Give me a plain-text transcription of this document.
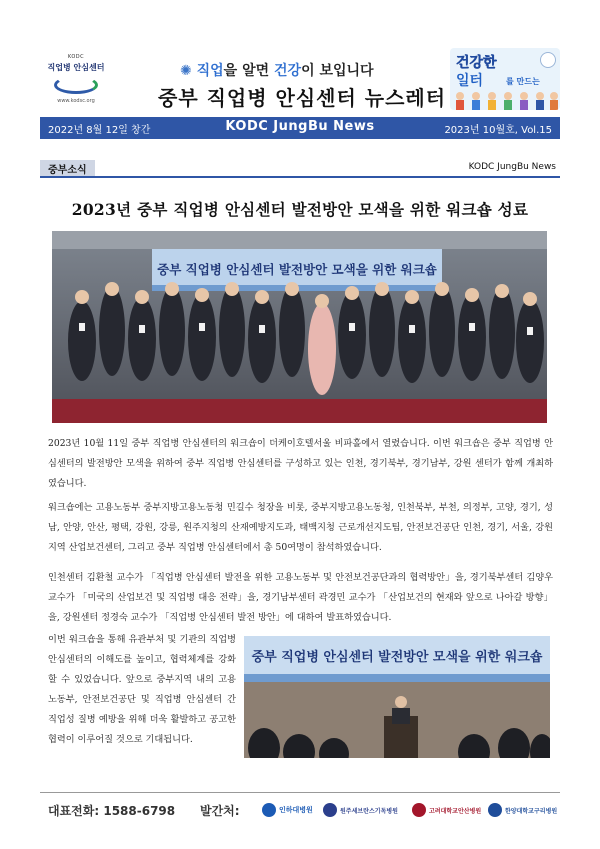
KODC
직업병 안심센터
www.kodsc.org
✺ 직업을 알면 건강이 보입니다
중부 직업병 안심센터 뉴스레터
건강한
일터	를 만드는
2022년 8월 12일 창간	KODC JungBu News	2023년 10월호, Vol.15
중부소식	KODC JungBu News
2023년 중부 직업병 안심센터 발전방안 모색을 위한 워크숍 성료
중부 직업병 안심센터 발전방안 모색을 위한 워크숍

2023년 10월 11일 중부 직업병 안심센터의 워크숍이 더케이호텔서울 비파홀에서 열렸습니다. 이번 워크숍은 중부 직업병 안심센터의 발전방안 모색을 위하여 중부 직업병 안심센터를 구성하고 있는 인천, 경기북부, 경기남부, 강원 센터가 함께 개최하였습니다.

워크숍에는 고용노동부 중부지방고용노동청 민길수 청장을 비롯, 중부지방고용노동청, 인천북부, 부천, 의정부, 고양, 경기, 성남, 안양, 안산, 평택, 강원, 강릉, 원주지청의 산재예방지도과, 태백지청 근로개선지도팀, 안전보건공단 인천, 경기, 서울, 강원지역 산업보건센터, 그리고 중부 직업병 안심센터에서 총 50여명이 참석하였습니다.

인천센터 김환철 교수가 「직업병 안심센터 발전을 위한 고용노동부 및 안전보건공단과의 협력방안」을, 경기북부센터 김양우 교수가 「미국의 산업보건 및 직업병 대응 전략」을, 경기남부센터 곽경민 교수가 「산업보건의 현재와 앞으로 나아갈 방향」을, 강원센터 정경숙 교수가 「직업병 안심센터 발전 방안」에 대하여 발표하였습니다.

이번 워크숍을 통해 유관부처 및 기관의 직업병 안심센터의 이해도를 높이고, 협력체계를 강화할 수 있었습니다. 앞으로 중부지역 내의 고용노동부, 안전보건공단 및 직업병 안심센터 간 직업성 질병 예방을 위해 더욱 활발하고 공고한 협력이 이루어질 것으로 기대됩니다.

중부 직업병 안심센터 발전방안 모색을 위한 워크숍
대표전화: 1588-6798 발간처:	인하대병원	원주세브란스기독병원	고려대학교안산병원	한양대학교구리병원
